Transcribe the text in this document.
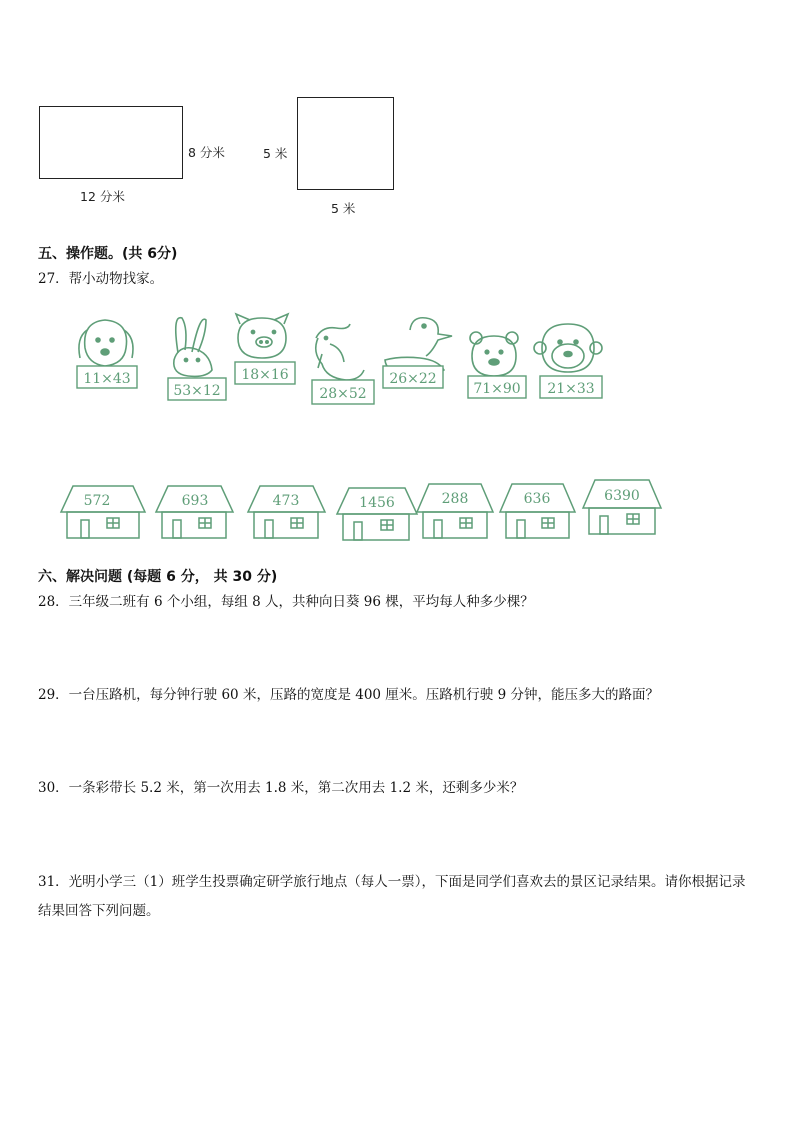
8 分米
12 分米
5 米
5 米
五、操作题。(共 6分)
27．帮小动物找家。
11×43
53×12
18×16
28×52
26×22
71×90 21×33
572	693	473	1456	288	636	6390
六、解决问题 (每题 6 分， 共 30 分)
28．三年级二班有 6 个小组，每组 8 人，共种向日葵 96 棵，平均每人种多少棵？
29．一台压路机，每分钟行驶 60 米，压路的宽度是 400 厘米。压路机行驶 9 分钟，能压多大的路面？
30．一条彩带长 5.2 米，第一次用去 1.8 米，第二次用去 1.2 米，还剩多少米？
31．光明小学三（1）班学生投票确定研学旅行地点（每人一票），下面是同学们喜欢去的景区记录结果。请你根据记录结果回答下列问题。
